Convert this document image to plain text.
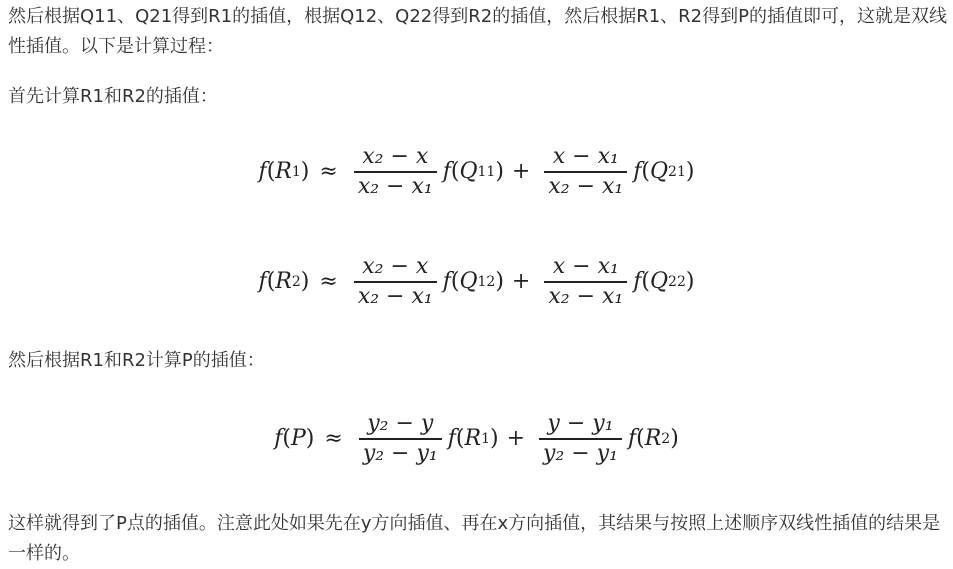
然后根据Q11、Q21得到R1的插值，根据Q12、Q22得到R2的插值，然后根据R1、R2得到P的插值即可，这就是双线性插值。以下是计算过程：

首先计算R1和R2的插值：

f ( R 1 ) ≈ $\frac{\text{x₂ − x}}{\text{x₂ − x₁}}$ f ( Q 11 ) + $\frac{\text{x − x₁}}{\text{x₂ − x₁}}$ f ( Q 21 )
f ( R 2 ) ≈ $\frac{\text{x₂ − x}}{\text{x₂ − x₁}}$ f ( Q 12 ) + $\frac{\text{x − x₁}}{\text{x₂ − x₁}}$ f ( Q 22 )

然后根据R1和R2计算P的插值：

f ( P ) ≈ $\frac{\text{y₂ − y}}{\text{y₂ − y₁}}$ f ( R 1 ) + $\frac{\text{y − y₁}}{\text{y₂ − y₁}}$ f ( R 2 )

这样就得到了P点的插值。注意此处如果先在y方向插值、再在x方向插值，其结果与按照上述顺序双线性插值的结果是一样的。
